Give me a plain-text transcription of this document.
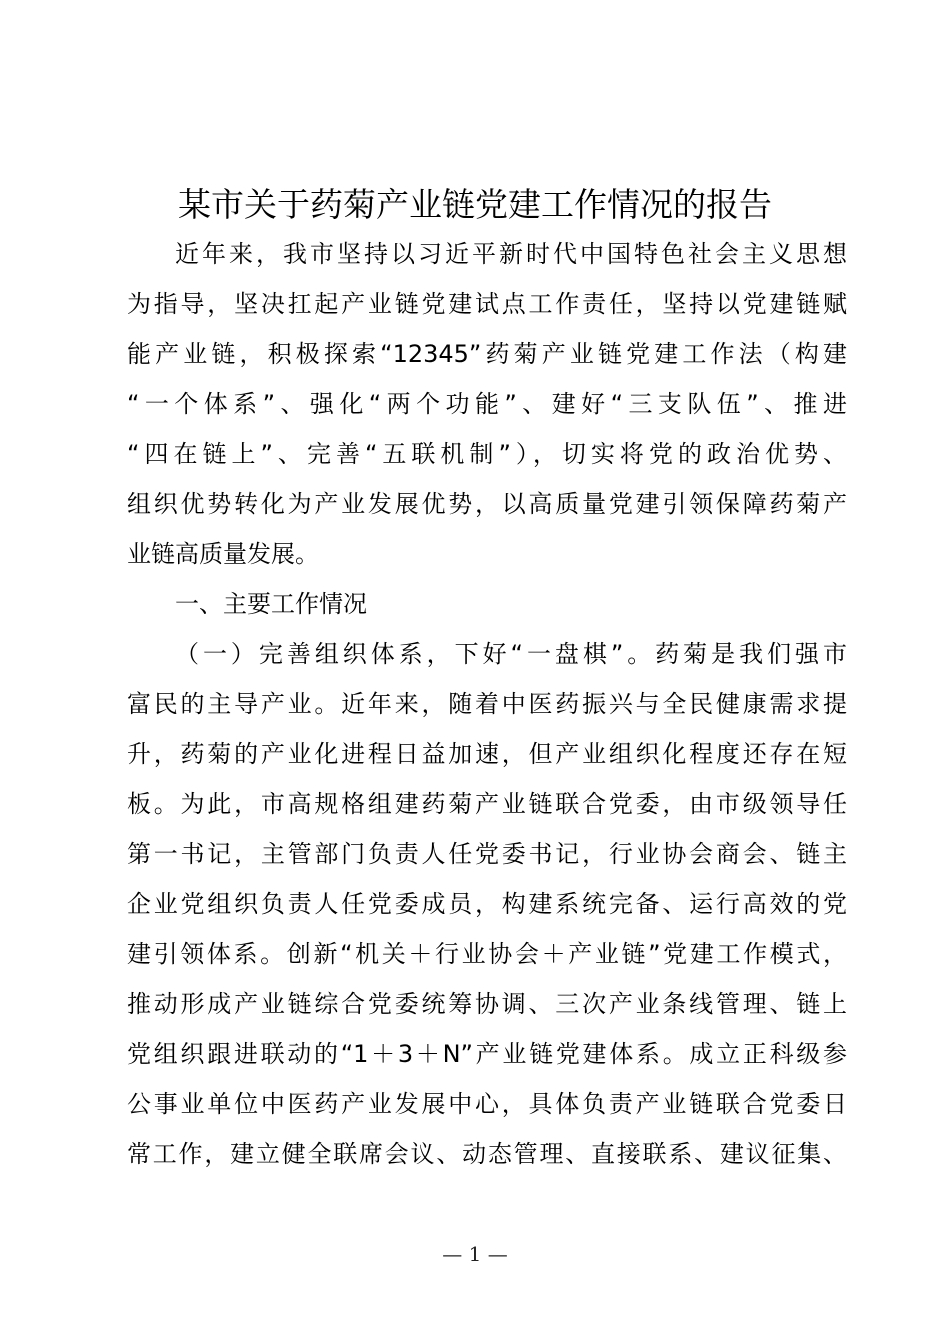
某市关于药菊产业链党建工作情况的报告
近年来，我市坚持以习近平新时代中国特色社会主义思想
为指导，坚决扛起产业链党建试点工作责任，坚持以党建链赋
能产业链，积极探索“12345”药菊产业链党建工作法（构建
“一个体系”、强化“两个功能”、建好“三支队伍”、推进
“四在链上”、完善“五联机制”），切实将党的政治优势、
组织优势转化为产业发展优势，以高质量党建引领保障药菊产
业链高质量发展。
一、主要工作情况
（一）完善组织体系，下好“一盘棋”。药菊是我们强市
富民的主导产业。近年来，随着中医药振兴与全民健康需求提
升，药菊的产业化进程日益加速，但产业组织化程度还存在短
板。为此，市高规格组建药菊产业链联合党委，由市级领导任
第一书记，主管部门负责人任党委书记，行业协会商会、链主
企业党组织负责人任党委成员，构建系统完备、运行高效的党
建引领体系。创新“机关＋行业协会＋产业链”党建工作模式，
推动形成产业链综合党委统筹协调、三次产业条线管理、链上
党组织跟进联动的“1＋3＋N”产业链党建体系。成立正科级参
公事业单位中医药产业发展中心，具体负责产业链联合党委日
常工作，建立健全联席会议、动态管理、直接联系、建议征集、
— 1 —
